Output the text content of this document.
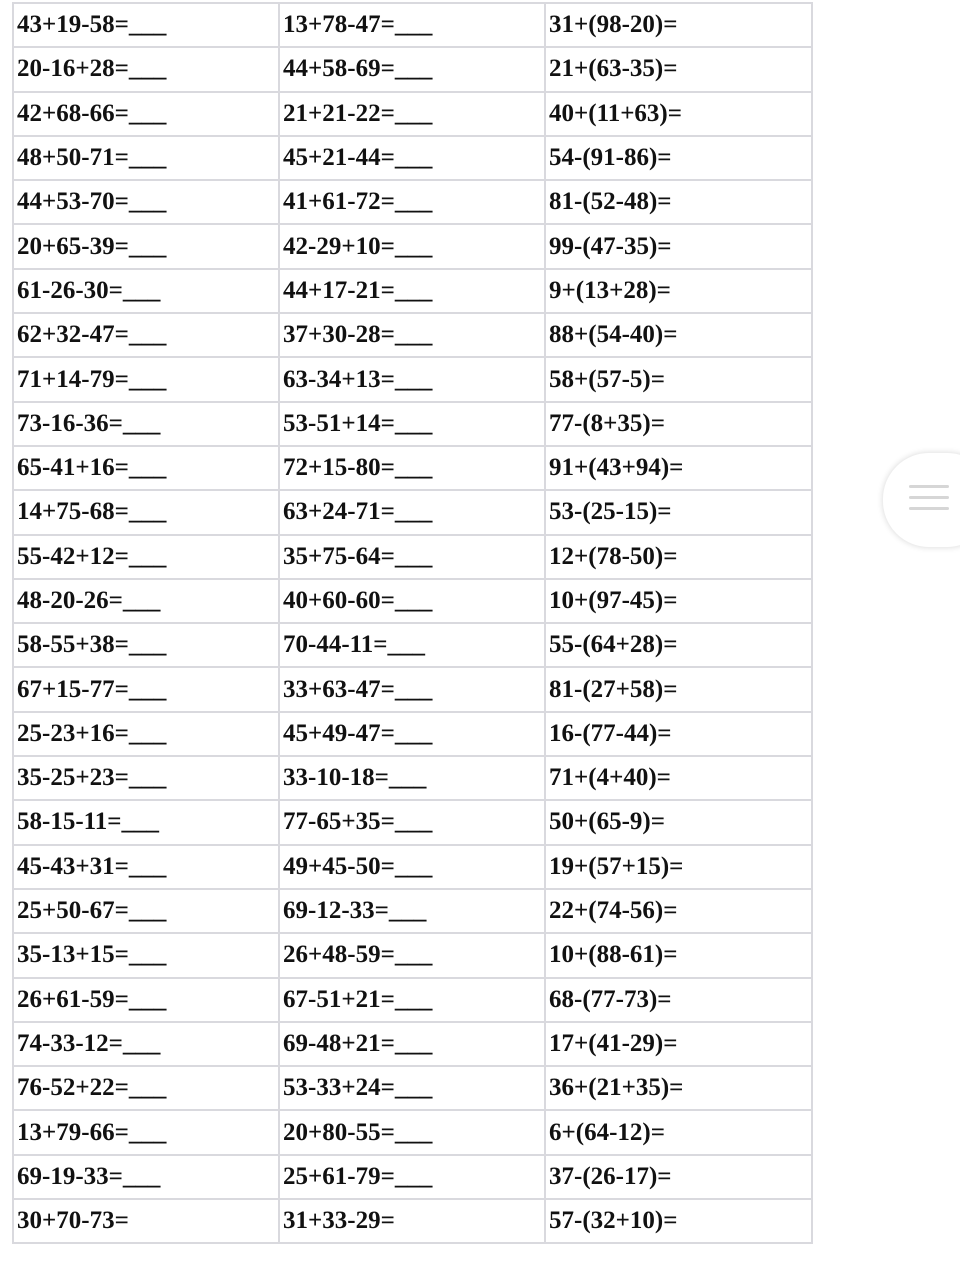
43+19-58=___	13+78-47=___	31+(98-20)=
20-16+28=___	44+58-69=___	21+(63-35)=
42+68-66=___	21+21-22=___	40+(11+63)=
48+50-71=___	45+21-44=___	54-(91-86)=
44+53-70=___	41+61-72=___	81-(52-48)=
20+65-39=___	42-29+10=___	99-(47-35)=
61-26-30=___	44+17-21=___	9+(13+28)=
62+32-47=___	37+30-28=___	88+(54-40)=
71+14-79=___	63-34+13=___	58+(57-5)=
73-16-36=___	53-51+14=___	77-(8+35)=
65-41+16=___	72+15-80=___	91+(43+94)=
14+75-68=___	63+24-71=___	53-(25-15)=
55-42+12=___	35+75-64=___	12+(78-50)=
48-20-26=___	40+60-60=___	10+(97-45)=
58-55+38=___	70-44-11=___	55-(64+28)=
67+15-77=___	33+63-47=___	81-(27+58)=
25-23+16=___	45+49-47=___	16-(77-44)=
35-25+23=___	33-10-18=___	71+(4+40)=
58-15-11=___	77-65+35=___	50+(65-9)=
45-43+31=___	49+45-50=___	19+(57+15)=
25+50-67=___	69-12-33=___	22+(74-56)=
35-13+15=___	26+48-59=___	10+(88-61)=
26+61-59=___	67-51+21=___	68-(77-73)=
74-33-12=___	69-48+21=___	17+(41-29)=
76-52+22=___	53-33+24=___	36+(21+35)=
13+79-66=___	20+80-55=___	6+(64-12)=
69-19-33=___	25+61-79=___	37-(26-17)=
30+70-73=	31+33-29=	57-(32+10)=
